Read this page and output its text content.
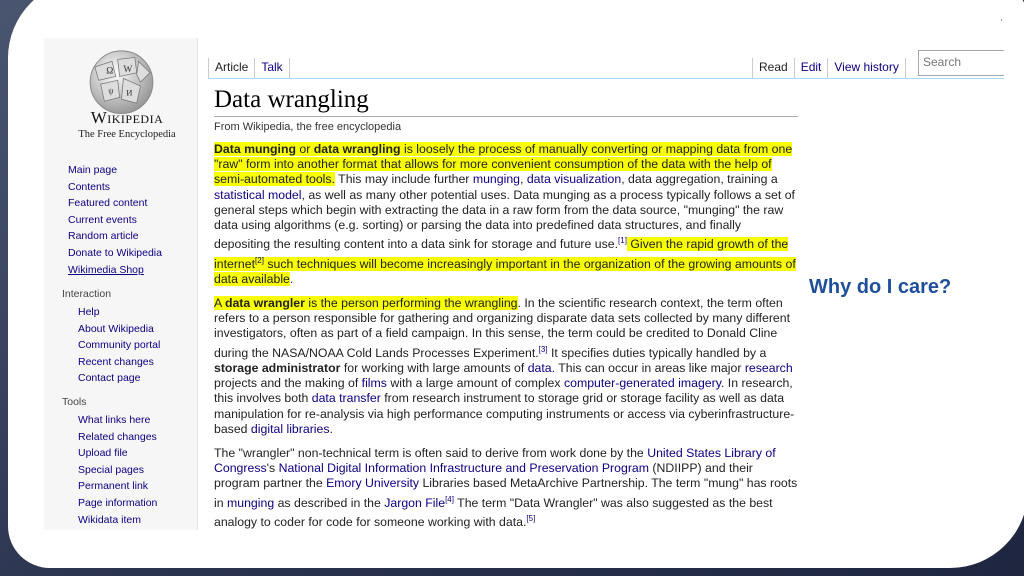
'
Ω W
ψ И
Wikipedia
The Free Encyclopedia
Main page
Contents
Featured content
Current events
Random article
Donate to Wikipedia
Wikimedia Shop
Interaction
Help
About Wikipedia
Community portal
Recent changes
Contact page
Tools
What links here
Related changes
Upload file
Special pages
Permanent link
Page information
Wikidata item
Article	Talk	Read	Edit	View history	Search
Data wrangling
From Wikipedia, the free encyclopedia

Data munging or data wrangling is loosely the process of manually converting or mapping data from one "raw" form into another format that allows for more convenient consumption of the data with the help of semi-automated tools. This may include further munging, data visualization, data aggregation, training a statistical model, as well as many other potential uses. Data munging as a process typically follows a set of general steps which begin with extracting the data in a raw form from the data source, "munging" the raw data using algorithms (e.g. sorting) or parsing the data into predefined data structures, and finally depositing the resulting content into a data sink for storage and future use.[1] Given the rapid growth of the internet[2] such techniques will become increasingly important in the organization of the growing amounts of data available.

A data wrangler is the person performing the wrangling. In the scientific research context, the term often refers to a person responsible for gathering and organizing disparate data sets collected by many different investigators, often as part of a field campaign. In this sense, the term could be credited to Donald Cline during the NASA/NOAA Cold Lands Processes Experiment.[3] It specifies duties typically handled by a storage administrator for working with large amounts of data. This can occur in areas like major research projects and the making of films with a large amount of complex computer-generated imagery. In research, this involves both data transfer from research instrument to storage grid or storage facility as well as data manipulation for re-analysis via high performance computing instruments or access via cyberinfrastructure-based digital libraries.

The "wrangler" non-technical term is often said to derive from work done by the United States Library of Congress's National Digital Information Infrastructure and Preservation Program (NDIIPP) and their program partner the Emory University Libraries based MetaArchive Partnership. The term "mung" has roots in munging as described in the Jargon File[4] The term "Data Wrangler" was also suggested as the best analogy to coder for code for someone working with data.[5]

Why do I care?
